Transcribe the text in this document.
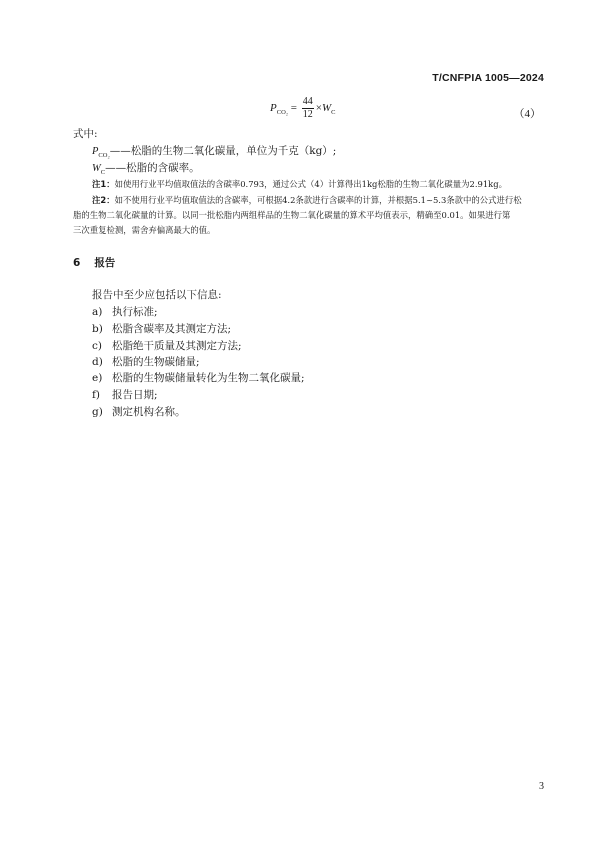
T/CNFPIA 1005—2024
$P_{CO_2} = \frac{44}{12} \times W_C$	（4）
式中:
$P_{CO_2}——$松脂的生物二氧化碳量，单位为千克（kg）;
$W_C——$松脂的含碳率。
注1：如使用行业平均值取值法的含碳率0.793，通过公式（4）计算得出1kg松脂的生物二氧化碳量为2.91kg。
注2：如不使用行业平均值取值法的含碳率，可根据4.2条款进行含碳率的计算，并根据5.1~5.3条款中的公式进行松
脂的生物二氧化碳量的计算。以同一批松脂内两组样品的生物二氧化碳量的算术平均值表示，精确至0.01。如果进行第
三次重复检测，需舍弃偏离最大的值。
6 报告
报告中至少应包括以下信息:
a) 执行标准;
b) 松脂含碳率及其测定方法;
c) 松脂绝干质量及其测定方法;
d) 松脂的生物碳储量;
e) 松脂的生物碳储量转化为生物二氧化碳量;
f) 报告日期;
g) 测定机构名称。
3
